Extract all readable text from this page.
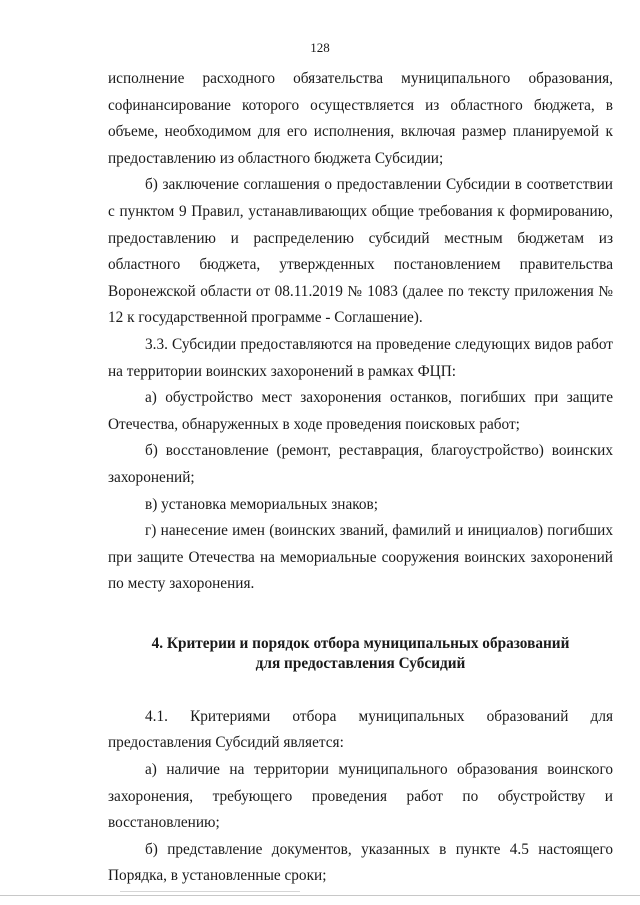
128

исполнение расходного обязательства муниципального образования, софинансирование которого осуществляется из областного бюджета, в объеме, необходимом для его исполнения, включая размер планируемой к предоставлению из областного бюджета Субсидии;

б) заключение соглашения о предоставлении Субсидии в соответствии с пунктом 9 Правил, устанавливающих общие требования к формированию, предоставлению и распределению субсидий местным бюджетам из областного бюджета, утвержденных постановлением правительства Воронежской области от 08.11.2019 № 1083 (далее по тексту приложения № 12 к государственной программе - Соглашение).

3.3. Субсидии предоставляются на проведение следующих видов работ на территории воинских захоронений в рамках ФЦП:

а) обустройство мест захоронения останков, погибших при защите Отечества, обнаруженных в ходе проведения поисковых работ;

б) восстановление (ремонт, реставрация, благоустройство) воинских захоронений;

в) установка мемориальных знаков;

г) нанесение имен (воинских званий, фамилий и инициалов) погибших при защите Отечества на мемориальные сооружения воинских захоронений по месту захоронения.

4. Критерии и порядок отбора муниципальных образований
для предоставления Субсидий

4.1. Критериями отбора муниципальных образований для предоставления Субсидий является:

а) наличие на территории муниципального образования воинского захоронения, требующего проведения работ по обустройству и восстановлению;

б) представление документов, указанных в пункте 4.5 настоящего Порядка, в установленные сроки;
